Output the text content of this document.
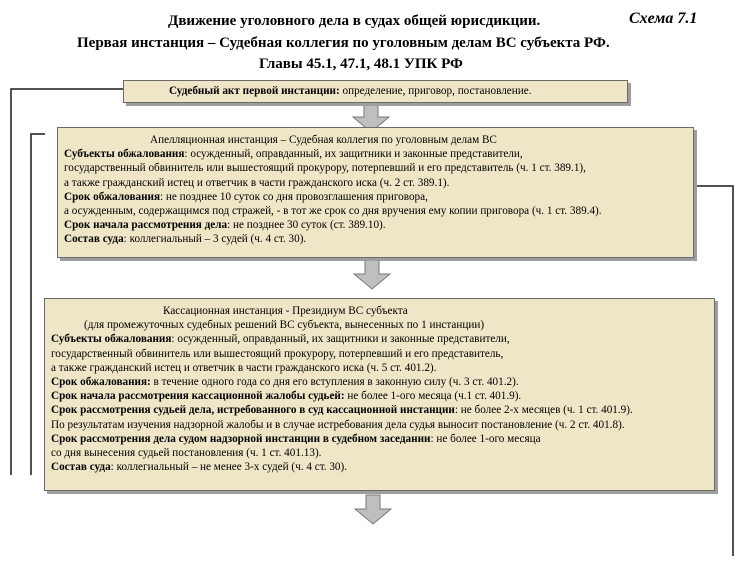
Движение уголовного дела в судах общей юрисдикции.	Схема 7.1
Первая инстанция – Судебная коллегия по уголовным делам ВС субъекта РФ.
Главы 45.1, 47.1, 48.1 УПК РФ
Судебный акт первой инстанции: определение, приговор, постановление.
Апелляционная инстанция – Судебная коллегия по уголовным делам ВС
Субъекты обжалования: осужденный, оправданный, их защитники и законные представители,
государственный обвинитель или вышестоящий прокурору, потерпевший и его представитель (ч. 1 ст. 389.1),
а также гражданский истец и ответчик в части гражданского иска (ч. 2 ст. 389.1).
Срок обжалования: не позднее 10 суток со дня провозглашения приговора,
а осужденным, содержащимся под стражей, - в тот же срок со дня вручения ему копии приговора (ч. 1 ст. 389.4).
Срок начала рассмотрения дела: не позднее 30 суток (ст. 389.10).
Состав суда: коллегиальный – 3 судей (ч. 4 ст. 30).
Кассационная инстанция - Президиум ВС субъекта
(для промежуточных судебных решений ВС субъекта, вынесенных по 1 инстанции)
Субъекты обжалования: осужденный, оправданный, их защитники и законные представители,
государственный обвинитель или вышестоящий прокурору, потерпевший и его представитель,
а также гражданский истец и ответчик в части гражданского иска (ч. 5 ст. 401.2).
Срок обжалования: в течение одного года со дня его вступления в законную силу (ч. 3 ст. 401.2).
Срок начала рассмотрения кассационной жалобы судьей: не более 1-ого месяца (ч.1 ст. 401.9).
Срок рассмотрения судьей дела, истребованного в суд кассационной инстанции: не более 2-х месяцев (ч. 1 ст. 401.9).
По результатам изучения надзорной жалобы и в случае истребования дела судья выносит постановление (ч. 2 ст. 401.8).
Срок рассмотрения дела судом надзорной инстанции в судебном заседании: не более 1-ого месяца
со дня вынесения судьей постановления (ч. 1 ст. 401.13).
Состав суда: коллегиальный – не менее 3-х судей (ч. 4 ст. 30).
